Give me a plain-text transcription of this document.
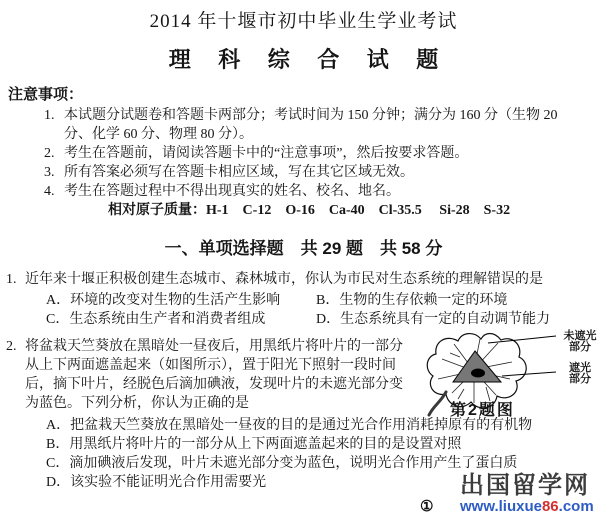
2014 年十堰市初中毕业生学业考试
理 科 综 合 试 题
注意事项：
1. 本试题分试题卷和答题卡两部分；考试时间为 150 分钟；满分为 160 分（生物 20 分、化学 60 分、物理 80 分）。
2. 考生在答题前，请阅读答题卡中的“注意事项”，然后按要求答题。
3. 所有答案必须写在答题卡相应区域，写在其它区域无效。
4. 考生在答题过程中不得出现真实的姓名、校名、地名。
相对原子质量：H-1　C-12　O-16　Ca-40　Cl-35.5 　Si-28　S-32
一、单项选择题　共 29 题　共 58 分
1. 近年来十堰正积极创建生态城市、森林城市，你认为市民对生态系统的理解错误的是
A．环境的改变对生物的生活产生影响	B．生物的生存依赖一定的环境
C．生态系统由生产者和消费者组成	D．生态系统具有一定的自动调节能力
2. 将盆栽天竺葵放在黑暗处一昼夜后，用黑纸片将叶片的一部分从上下两面遮盖起来（如图所示），置于阳光下照射一段时间后，摘下叶片，经脱色后滴加碘液，发现叶片的未遮光部分变为蓝色。下列分析，你认为正确的是
未遮光
部分
遮光
部分
第2题图
A．把盆栽天竺葵放在黑暗处一昼夜的目的是通过光合作用消耗掉原有的有机物
B．用黑纸片将叶片的一部分从上下两面遮盖起来的目的是设置对照
C．滴加碘液后发现，叶片未遮光部分变为蓝色，说明光合作用产生了蛋白质
D．该实验不能证明光合作用需要光
①
出国留学网
www.liuxue86.com
